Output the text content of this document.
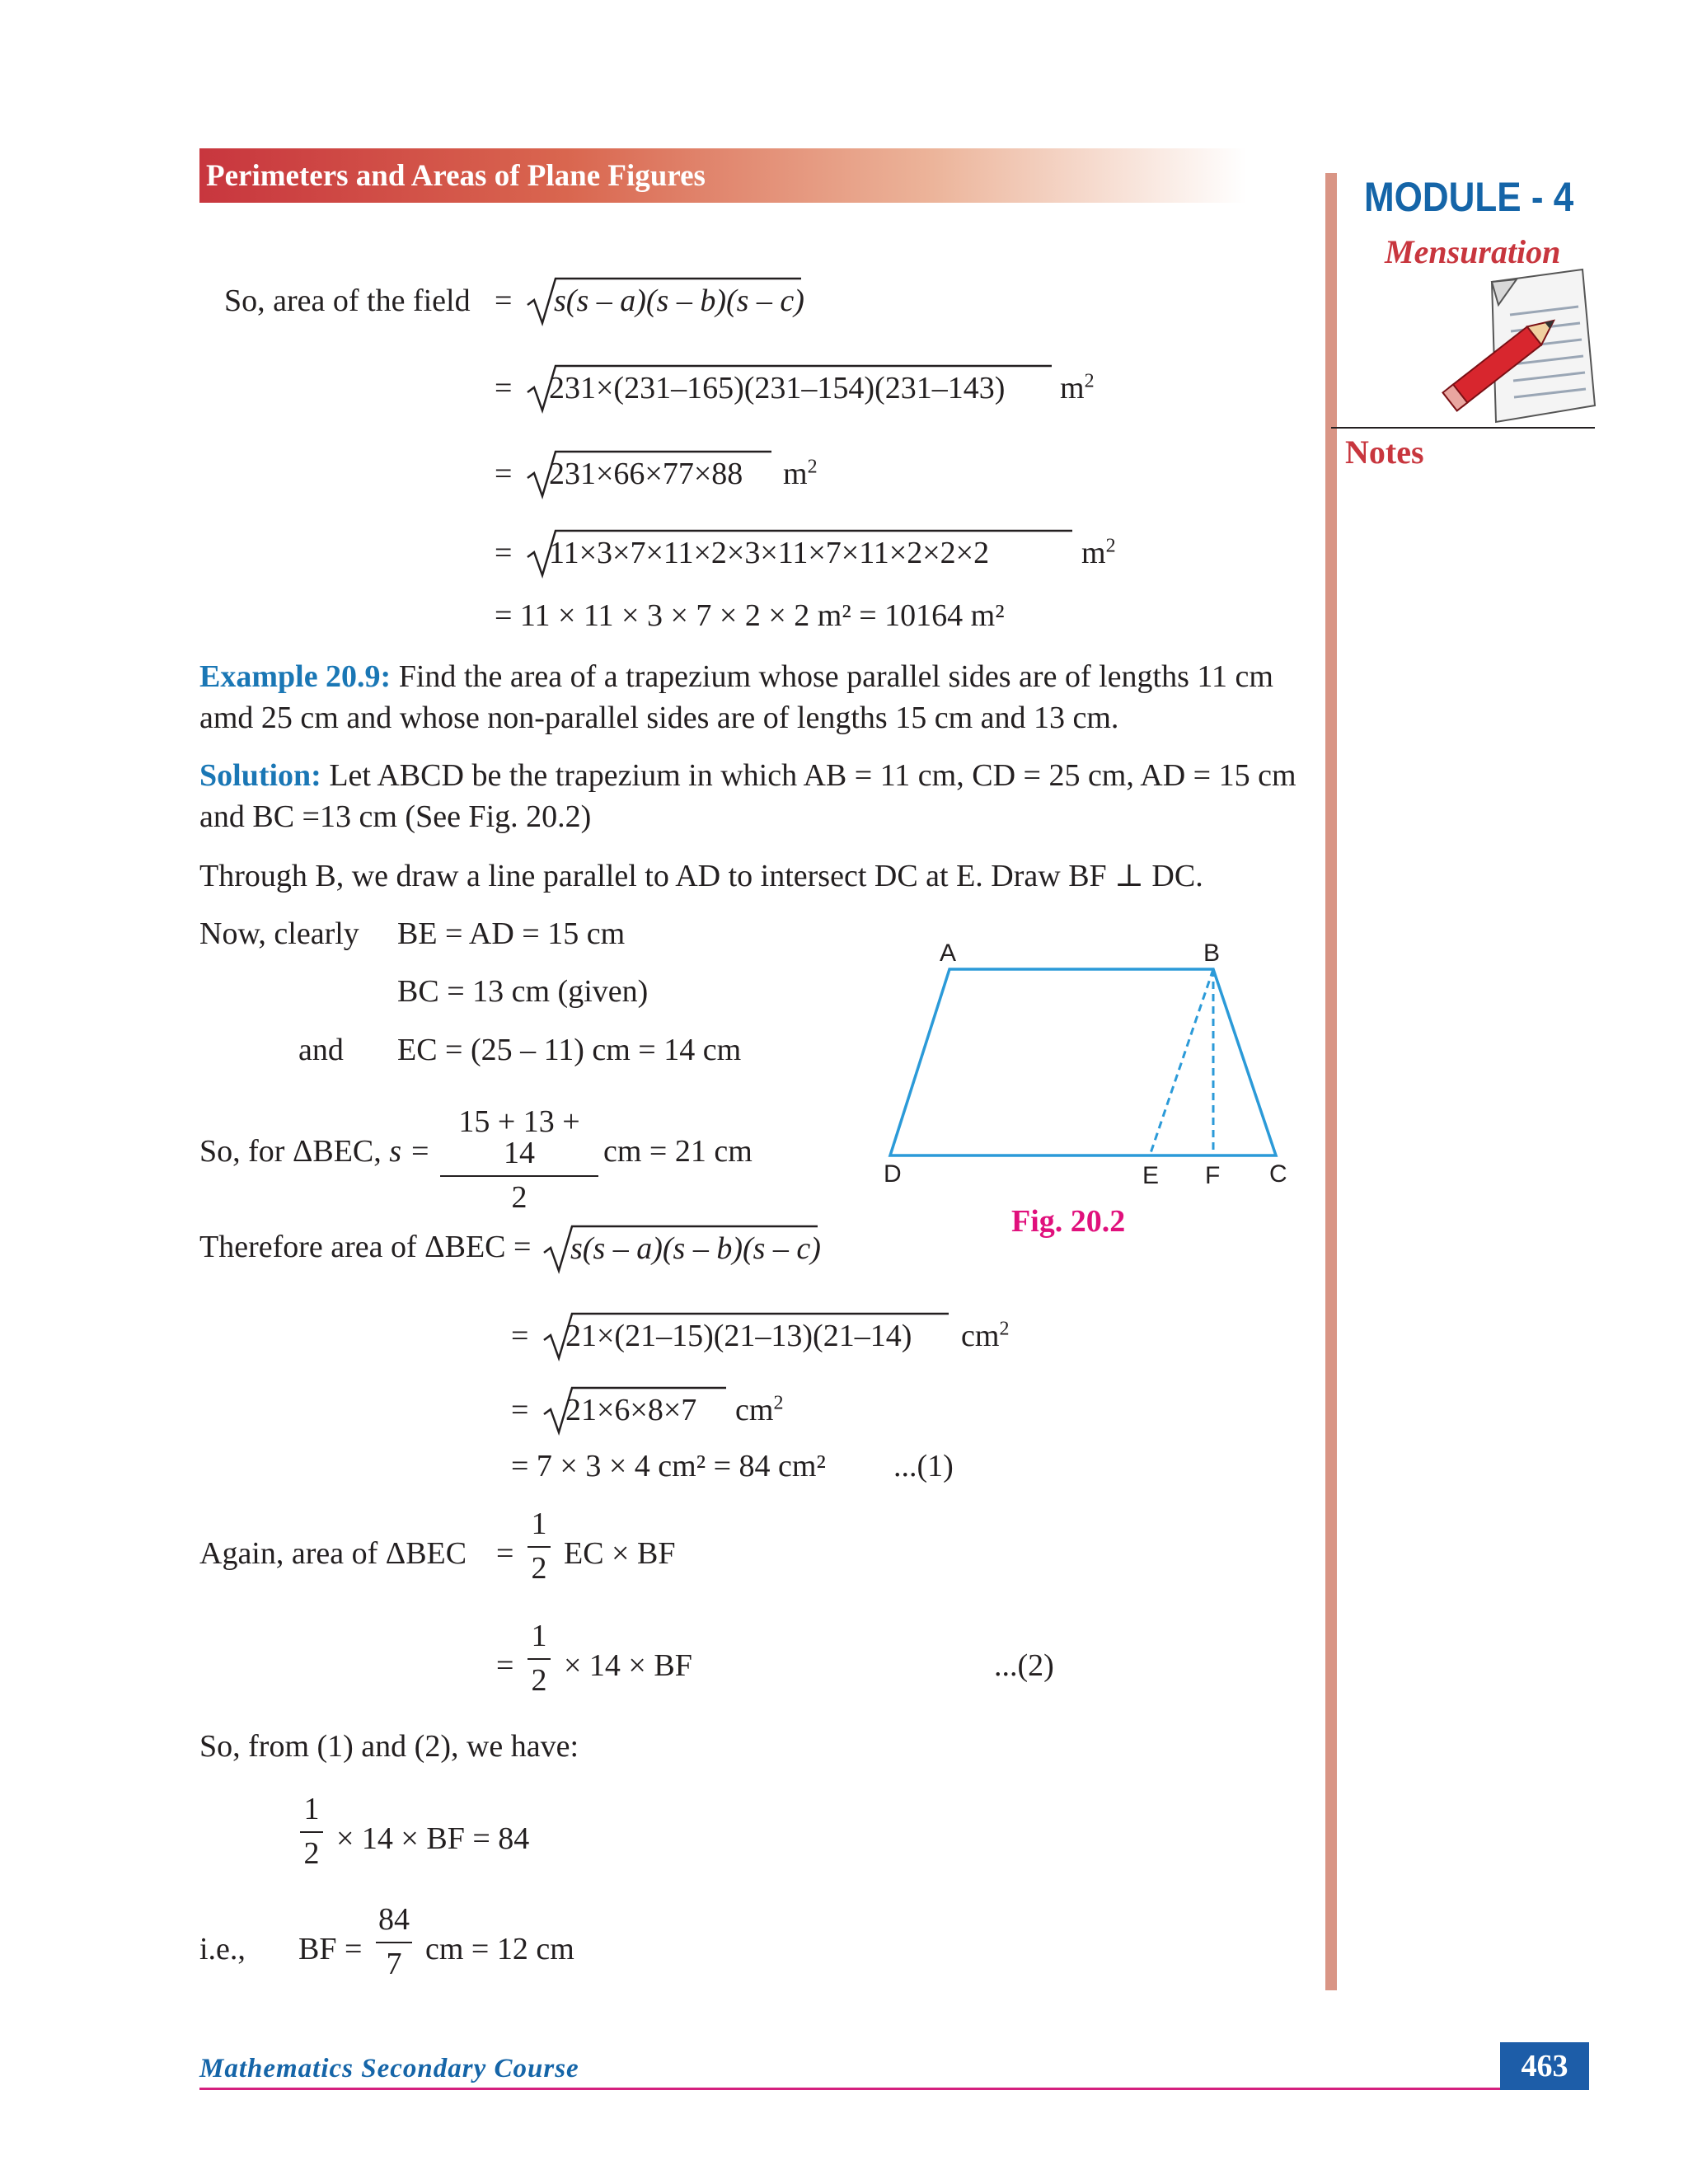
Perimeters and Areas of Plane Figures	MODULE - 4
Mensuration
Notes
So, area of the field = s(s – a)(s – b)(s – c)
= 231×(231–165)(231–154)(231–143) $m^2$
= 231×66×77×88 $m^2$
= 11×3×7×11×2×3×11×7×11×2×2×2	$m^2$
= 11 × 11 × 3 × 7 × 2 × 2 m² = 10164 m²
Example 20.9: Find the area of a trapezium whose parallel sides are of lengths 11 cm
amd 25 cm and whose non-parallel sides are of lengths 15 cm and 13 cm.
Solution: Let ABCD be the trapezium in which AB = 11 cm, CD = 25 cm, AD = 15 cm
and BC =13 cm (See Fig. 20.2)
Through B, we draw a line parallel to AD to intersect DC at E. Draw BF ⊥ DC.
Now, clearly BE = AD = 15 cm
BC = 13 cm (given)
and EC = (25 – 11) cm = 14 cm
So, for ΔBEC, s =
15 + 13 + 14
2
cm = 21 cm
A	B
C
D	E F
Fig. 20.2
Therefore area of ΔBEC = s(s – a)(s – b)(s – c)
= 21×(21–15)(21–13)(21–14) $cm^2$
= 21×6×8×7 $cm^2$
= 7 × 3 × 4 cm² = 84 cm² ...(1)
Again, area of ΔBEC =
1
2 EC × BF
=
1
2 × 14 × BF	...(2)
So, from (1) and (2), we have:
1
2 × 14 × BF = 84
i.e., BF =
84
7 cm = 12 cm
Mathematics Secondary Course	463
